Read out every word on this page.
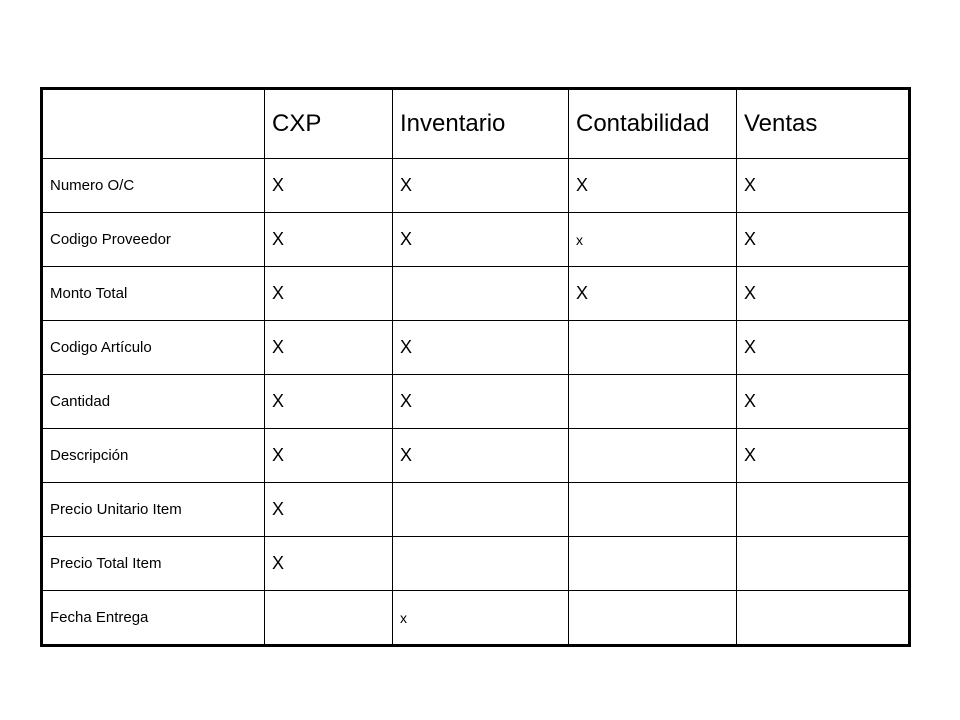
	CXP	Inventario	Contabilidad	Ventas
Numero O/C	X	X	X	X
Codigo Proveedor	X	X	x	X
Monto Total	X		X	X
Codigo Artículo	X	X		X
Cantidad	X	X		X
Descripción	X	X		X
Precio Unitario Item	X			
Precio Total Item	X			
Fecha Entrega		x		
